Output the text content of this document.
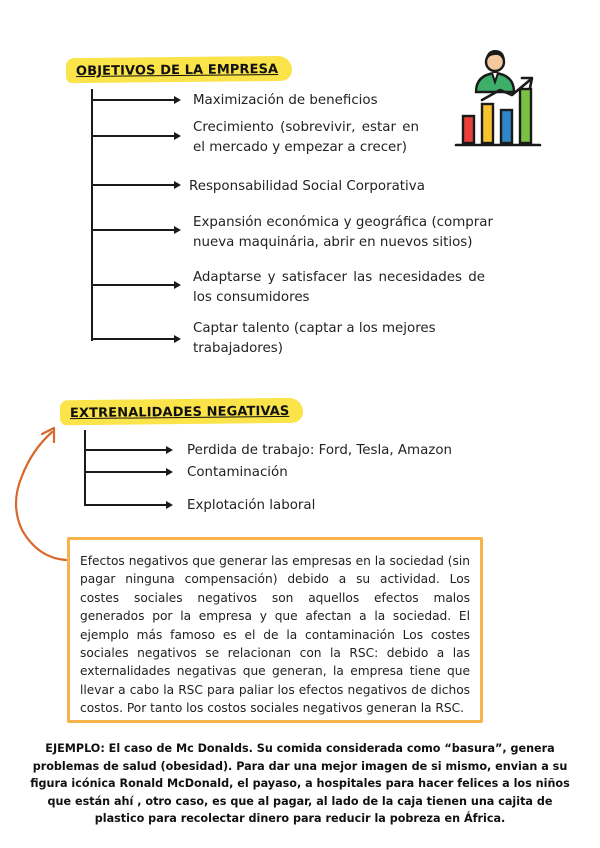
OBJETIVOS DE LA EMPRESA
Maximización de beneficios
Crecimiento (sobrevivir, estar en el mercado y empezar a crecer)
Responsabilidad Social Corporativa
Expansión económica y geográfica (comprar nueva maquinária, abrir en nuevos sitios)
Adaptarse y satisfacer las necesidades de los consumidores
Captar talento (captar a los mejores trabajadores)
EXTRENALIDADES NEGATIVAS
Perdida de trabajo: Ford, Tesla, Amazon
Contaminación
Explotación laboral
Efectos negativos que generar las empresas en la sociedad (sin pagar ninguna compensación) debido a su actividad. Los costes sociales negativos son aquellos efectos malos generados por la empresa y que afectan a la sociedad. El ejemplo más famoso es el de la contaminación Los costes sociales negativos se relacionan con la RSC: debido a las externalidades negativas que generan, la empresa tiene que llevar a cabo la RSC para paliar los efectos negativos de dichos costos. Por tanto los costos sociales negativos generan la RSC.
EJEMPLO: El caso de Mc Donalds. Su comida considerada como “basura”, genera problemas de salud (obesidad). Para dar una mejor imagen de si mismo, envian a su figura icónica Ronald McDonald, el payaso, a hospitales para hacer felices a los niños que están ahí , otro caso, es que al pagar, al lado de la caja tienen una cajita de plastico para recolectar dinero para reducir la pobreza en África.
